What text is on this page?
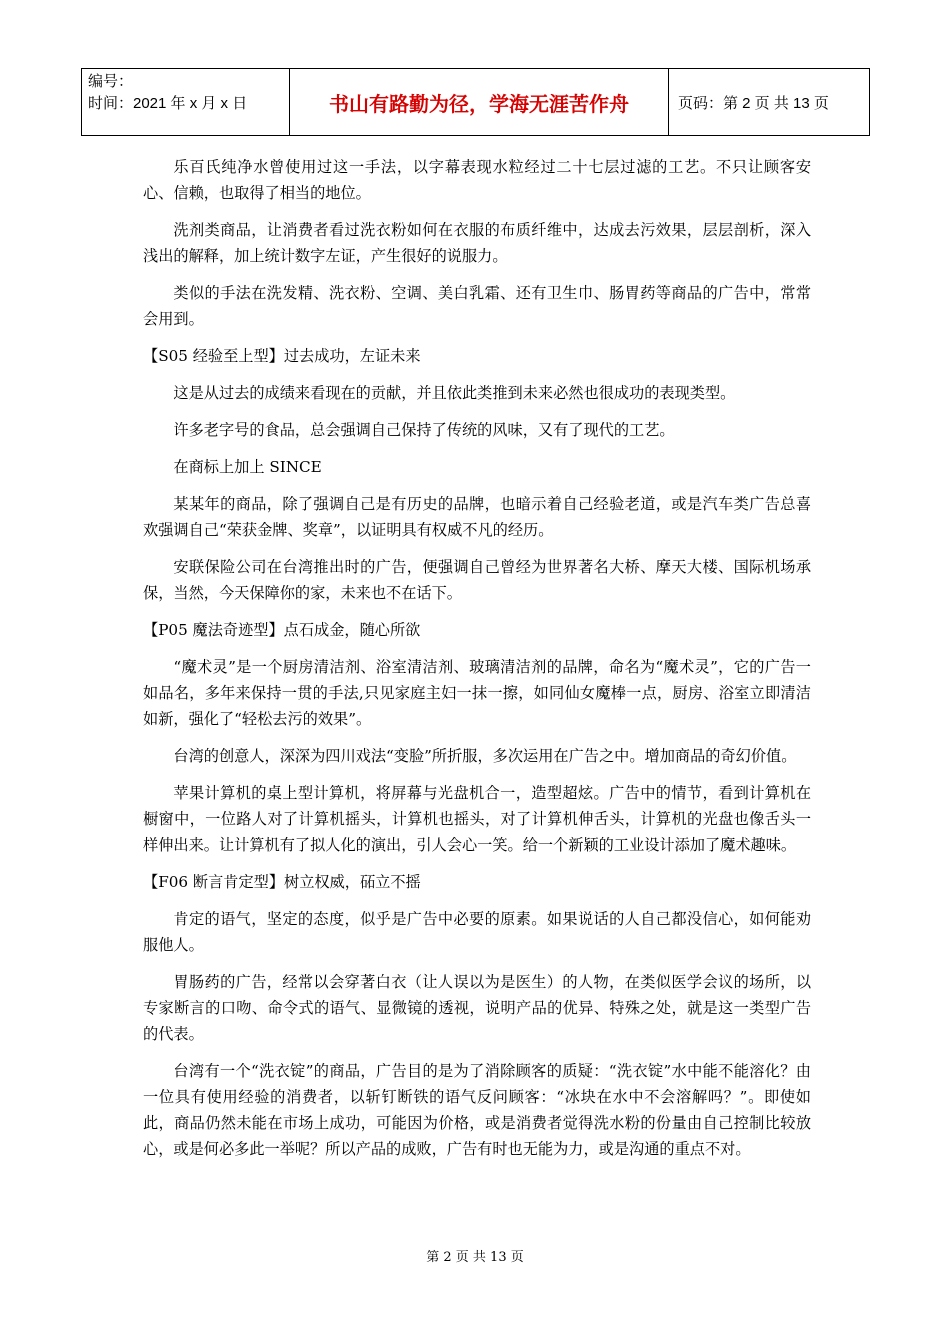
编号：
时间：2021 年 x 月 x 日	书山有路勤为径，学海无涯苦作舟	页码：第 2 页 共 13 页

乐百氏纯净水曾使用过这一手法，以字幕表现水粒经过二十七层过滤的工艺。不只让顾客安心、信赖，也取得了相当的地位。

洗剂类商品，让消费者看过洗衣粉如何在衣服的布质纤维中，达成去污效果，层层剖析，深入浅出的解释，加上统计数字左证，产生很好的说服力。

类似的手法在洗发精、洗衣粉、空调、美白乳霜、还有卫生巾、肠胃药等商品的广告中，常常会用到。

【S05 经验至上型】过去成功，左证未来

这是从过去的成绩来看现在的贡献，并且依此类推到未来必然也很成功的表现类型。

许多老字号的食品，总会强调自己保持了传统的风味，又有了现代的工艺。

在商标上加上 SINCE

某某年的商品，除了强调自己是有历史的品牌，也暗示着自己经验老道，或是汽车类广告总喜欢强调自己“荣获金牌、奖章”，以证明具有权威不凡的经历。

安联保险公司在台湾推出时的广告，便强调自己曾经为世界著名大桥、摩天大楼、国际机场承保，当然，今天保障你的家，未来也不在话下。

【P05 魔法奇迹型】点石成金，随心所欲

“魔术灵”是一个厨房清洁剂、浴室清洁剂、玻璃清洁剂的品牌，命名为“魔术灵”，它的广告一如品名，多年来保持一贯的手法,只见家庭主妇一抹一擦，如同仙女魔棒一点，厨房、浴室立即清洁如新，强化了“轻松去污的效果”。

台湾的创意人，深深为四川戏法“变脸”所折服，多次运用在广告之中。增加商品的奇幻价值。

苹果计算机的桌上型计算机，将屏幕与光盘机合一，造型超炫。广告中的情节，看到计算机在橱窗中，一位路人对了计算机摇头，计算机也摇头，对了计算机伸舌头，计算机的光盘也像舌头一样伸出来。让计算机有了拟人化的演出，引人会心一笑。给一个新颖的工业设计添加了魔术趣味。

【F06 断言肯定型】树立权威，砳立不摇

肯定的语气，坚定的态度，似乎是广告中必要的原素。如果说话的人自己都没信心，如何能劝服他人。

胃肠药的广告，经常以会穿著白衣（让人误以为是医生）的人物，在类似医学会议的场所，以专家断言的口吻、命令式的语气、显微镜的透视，说明产品的优异、特殊之处，就是这一类型广告的代表。

台湾有一个“洗衣锭”的商品，广告目的是为了消除顾客的质疑：“洗衣锭”水中能不能溶化？由一位具有使用经验的消费者，以斩钉断铁的语气反问顾客：“冰块在水中不会溶解吗？”。即使如此，商品仍然未能在市场上成功，可能因为价格，或是消费者觉得洗水粉的份量由自己控制比较放心，或是何必多此一举呢？所以产品的成败，广告有时也无能为力，或是沟通的重点不对。

第 2 页 共 13 页
